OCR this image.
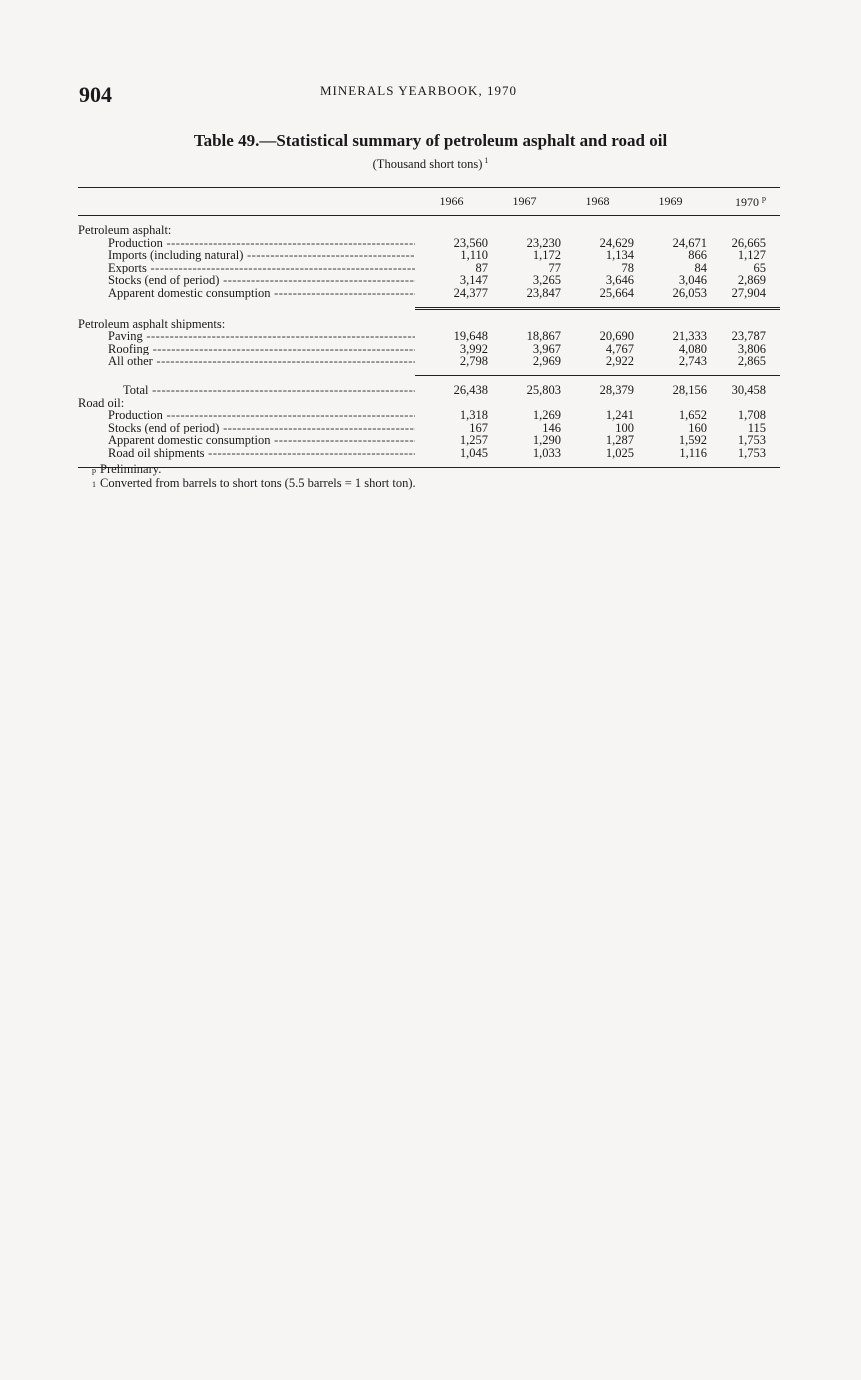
904	MINERALS YEARBOOK, 1970
Table 49.—Statistical summary of petroleum asphalt and road oil
(Thousand short tons) $^1$
1966	1967	1968	1969	1970 $^p$
Petroleum asphalt:
Production -----	23,560	23,230	24,629	24,671	26,665
Imports (including natural) -----	1,110	1,172	1,134	866	1,127
Exports -----	87	77	78	84	65
Stocks (end of period) -----	3,147	3,265	3,646	3,046	2,869
Apparent domestic consumption -----	24,377	23,847	25,664	26,053	27,904
Petroleum asphalt shipments:
Paving -----	19,648	18,867	20,690	21,333	23,787
Roofing -----	3,992	3,967	4,767	4,080	3,806
All other -----	2,798	2,969	2,922	2,743	2,865
Total -----	26,438	25,803	28,379	28,156	30,458
Road oil:
Production -----	1,318	1,269	1,241	1,652	1,708
Stocks (end of period) -----	167	146	100	160	115
Apparent domestic consumption -----	1,257	1,290	1,287	1,592	1,753
Road oil shipments -----	1,045	1,033	1,025	1,116	1,753
p Preliminary.
1 Converted from barrels to short tons (5.5 barrels = 1 short ton).
